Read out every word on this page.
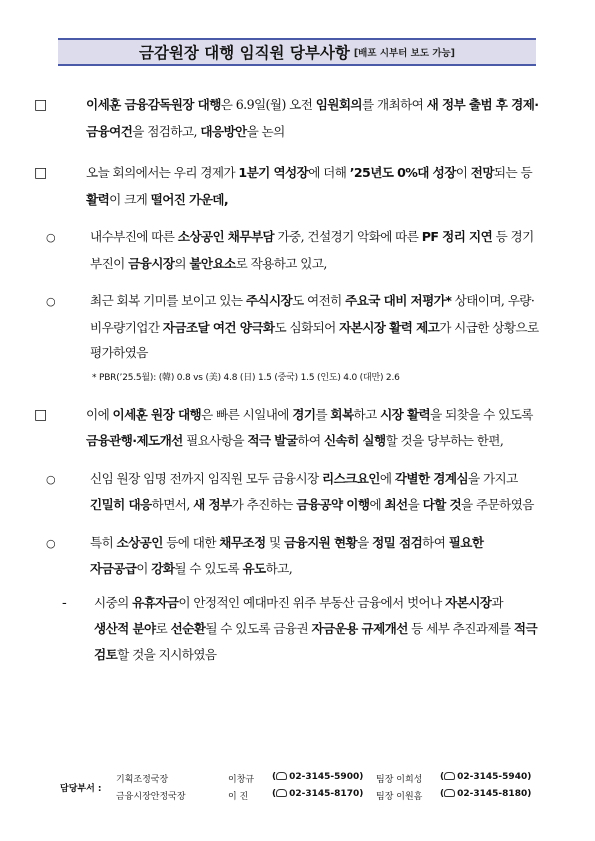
금감원장 대행 임직원 당부사항 [배포 시부터 보도 가능]
□	이세훈 금융감독원장 대행은 6.9일(월) 오전 임원회의를 개최하여 새 정부 출범 후 경제·금융여건을 점검하고, 대응방안을 논의
□	오늘 회의에서는 우리 경제가 1분기 역성장에 더해 ’25년도 0%대 성장이 전망되는 등 활력이 크게 떨어진 가운데,
○	내수부진에 따른 소상공인 채무부담 가중, 건설경기 악화에 따른 PF 정리 지연 등 경기 부진이 금융시장의 불안요소로 작용하고 있고,
○	최근 회복 기미를 보이고 있는 주식시장도 여전히 주요국 대비 저평가* 상태이며, 우량·비우량기업간 자금조달 여건 양극화도 심화되어 자본시장 활력 제고가 시급한 상황으로 평가하였음
* PBR(’25.5월): (韓) 0.8 vs (美) 4.8 (日) 1.5 (중국) 1.5 (인도) 4.0 (대만) 2.6
□	이에 이세훈 원장 대행은 빠른 시일내에 경기를 회복하고 시장 활력을 되찾을 수 있도록 금융관행·제도개선 필요사항을 적극 발굴하여 신속히 실행할 것을 당부하는 한편,
○	신임 원장 임명 전까지 임직원 모두 금융시장 리스크요인에 각별한 경계심을 가지고 긴밀히 대응하면서, 새 정부가 추진하는 금융공약 이행에 최선을 다할 것을 주문하였음
○	특히 소상공인 등에 대한 채무조정 및 금융지원 현황을 정밀 점검하여 필요한 자금공급이 강화될 수 있도록 유도하고,
- 시중의 유휴자금이 안정적인 예대마진 위주 부동산 금융에서 벗어나 자본시장과 생산적 분야로 선순환될 수 있도록 금융권 자금운용 규제개선 등 세부 추진과제를 적극 검토할 것을 지시하였음
담당부서 :
기획조정국장	이창규 ( 02-3145-5900) 팀장 이희성 ( 02-3145-5940)
금융시장안정국장	이 진	( 02-3145-8170) 팀장 이원흠 ( 02-3145-8180)
